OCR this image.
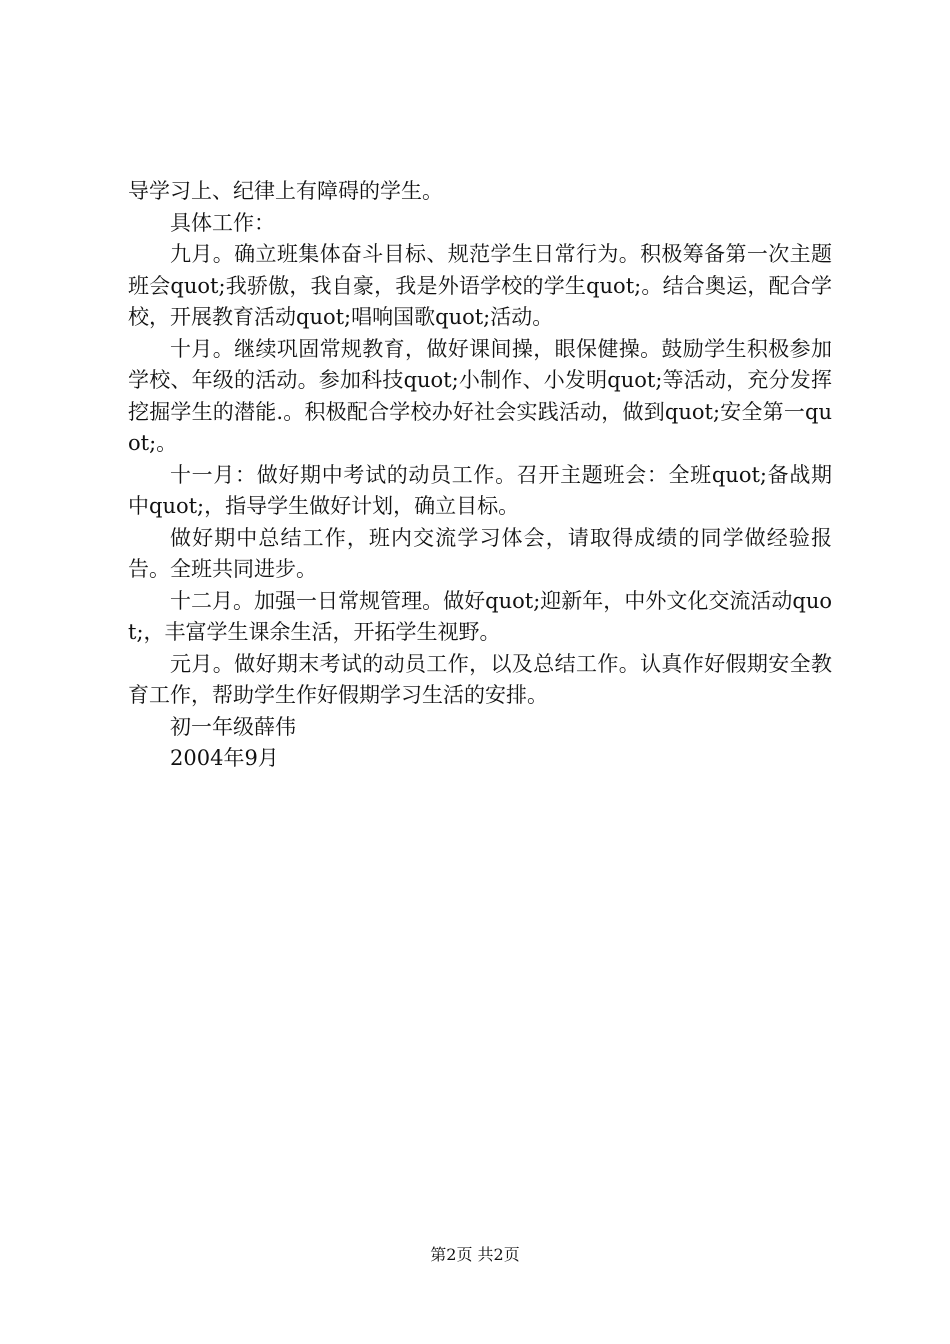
导学习上、纪律上有障碍的学生。

具体工作：

九月。确立班集体奋斗目标、规范学生日常行为。积极筹备第一次主题班会quot;我骄傲，我自豪，我是外语学校的学生quot;。结合奥运，配合学校，开展教育活动quot;唱响国歌quot;活动。

十月。继续巩固常规教育，做好课间操，眼保健操。鼓励学生积极参加学校、年级的活动。参加科技quot;小制作、小发明quot;等活动，充分发挥挖掘学生的潜能.。积极配合学校办好社会实践活动，做到quot;安全第一quot;。

十一月：做好期中考试的动员工作。召开主题班会：全班quot;备战期中quot;，指导学生做好计划，确立目标。

做好期中总结工作，班内交流学习体会，请取得成绩的同学做经验报告。全班共同进步。

十二月。加强一日常规管理。做好quot;迎新年，中外文化交流活动quot;，丰富学生课余生活，开拓学生视野。

元月。做好期末考试的动员工作，以及总结工作。认真作好假期安全教育工作，帮助学生作好假期学习生活的安排。

初一年级薛伟

2004年9月

第2页 共2页
